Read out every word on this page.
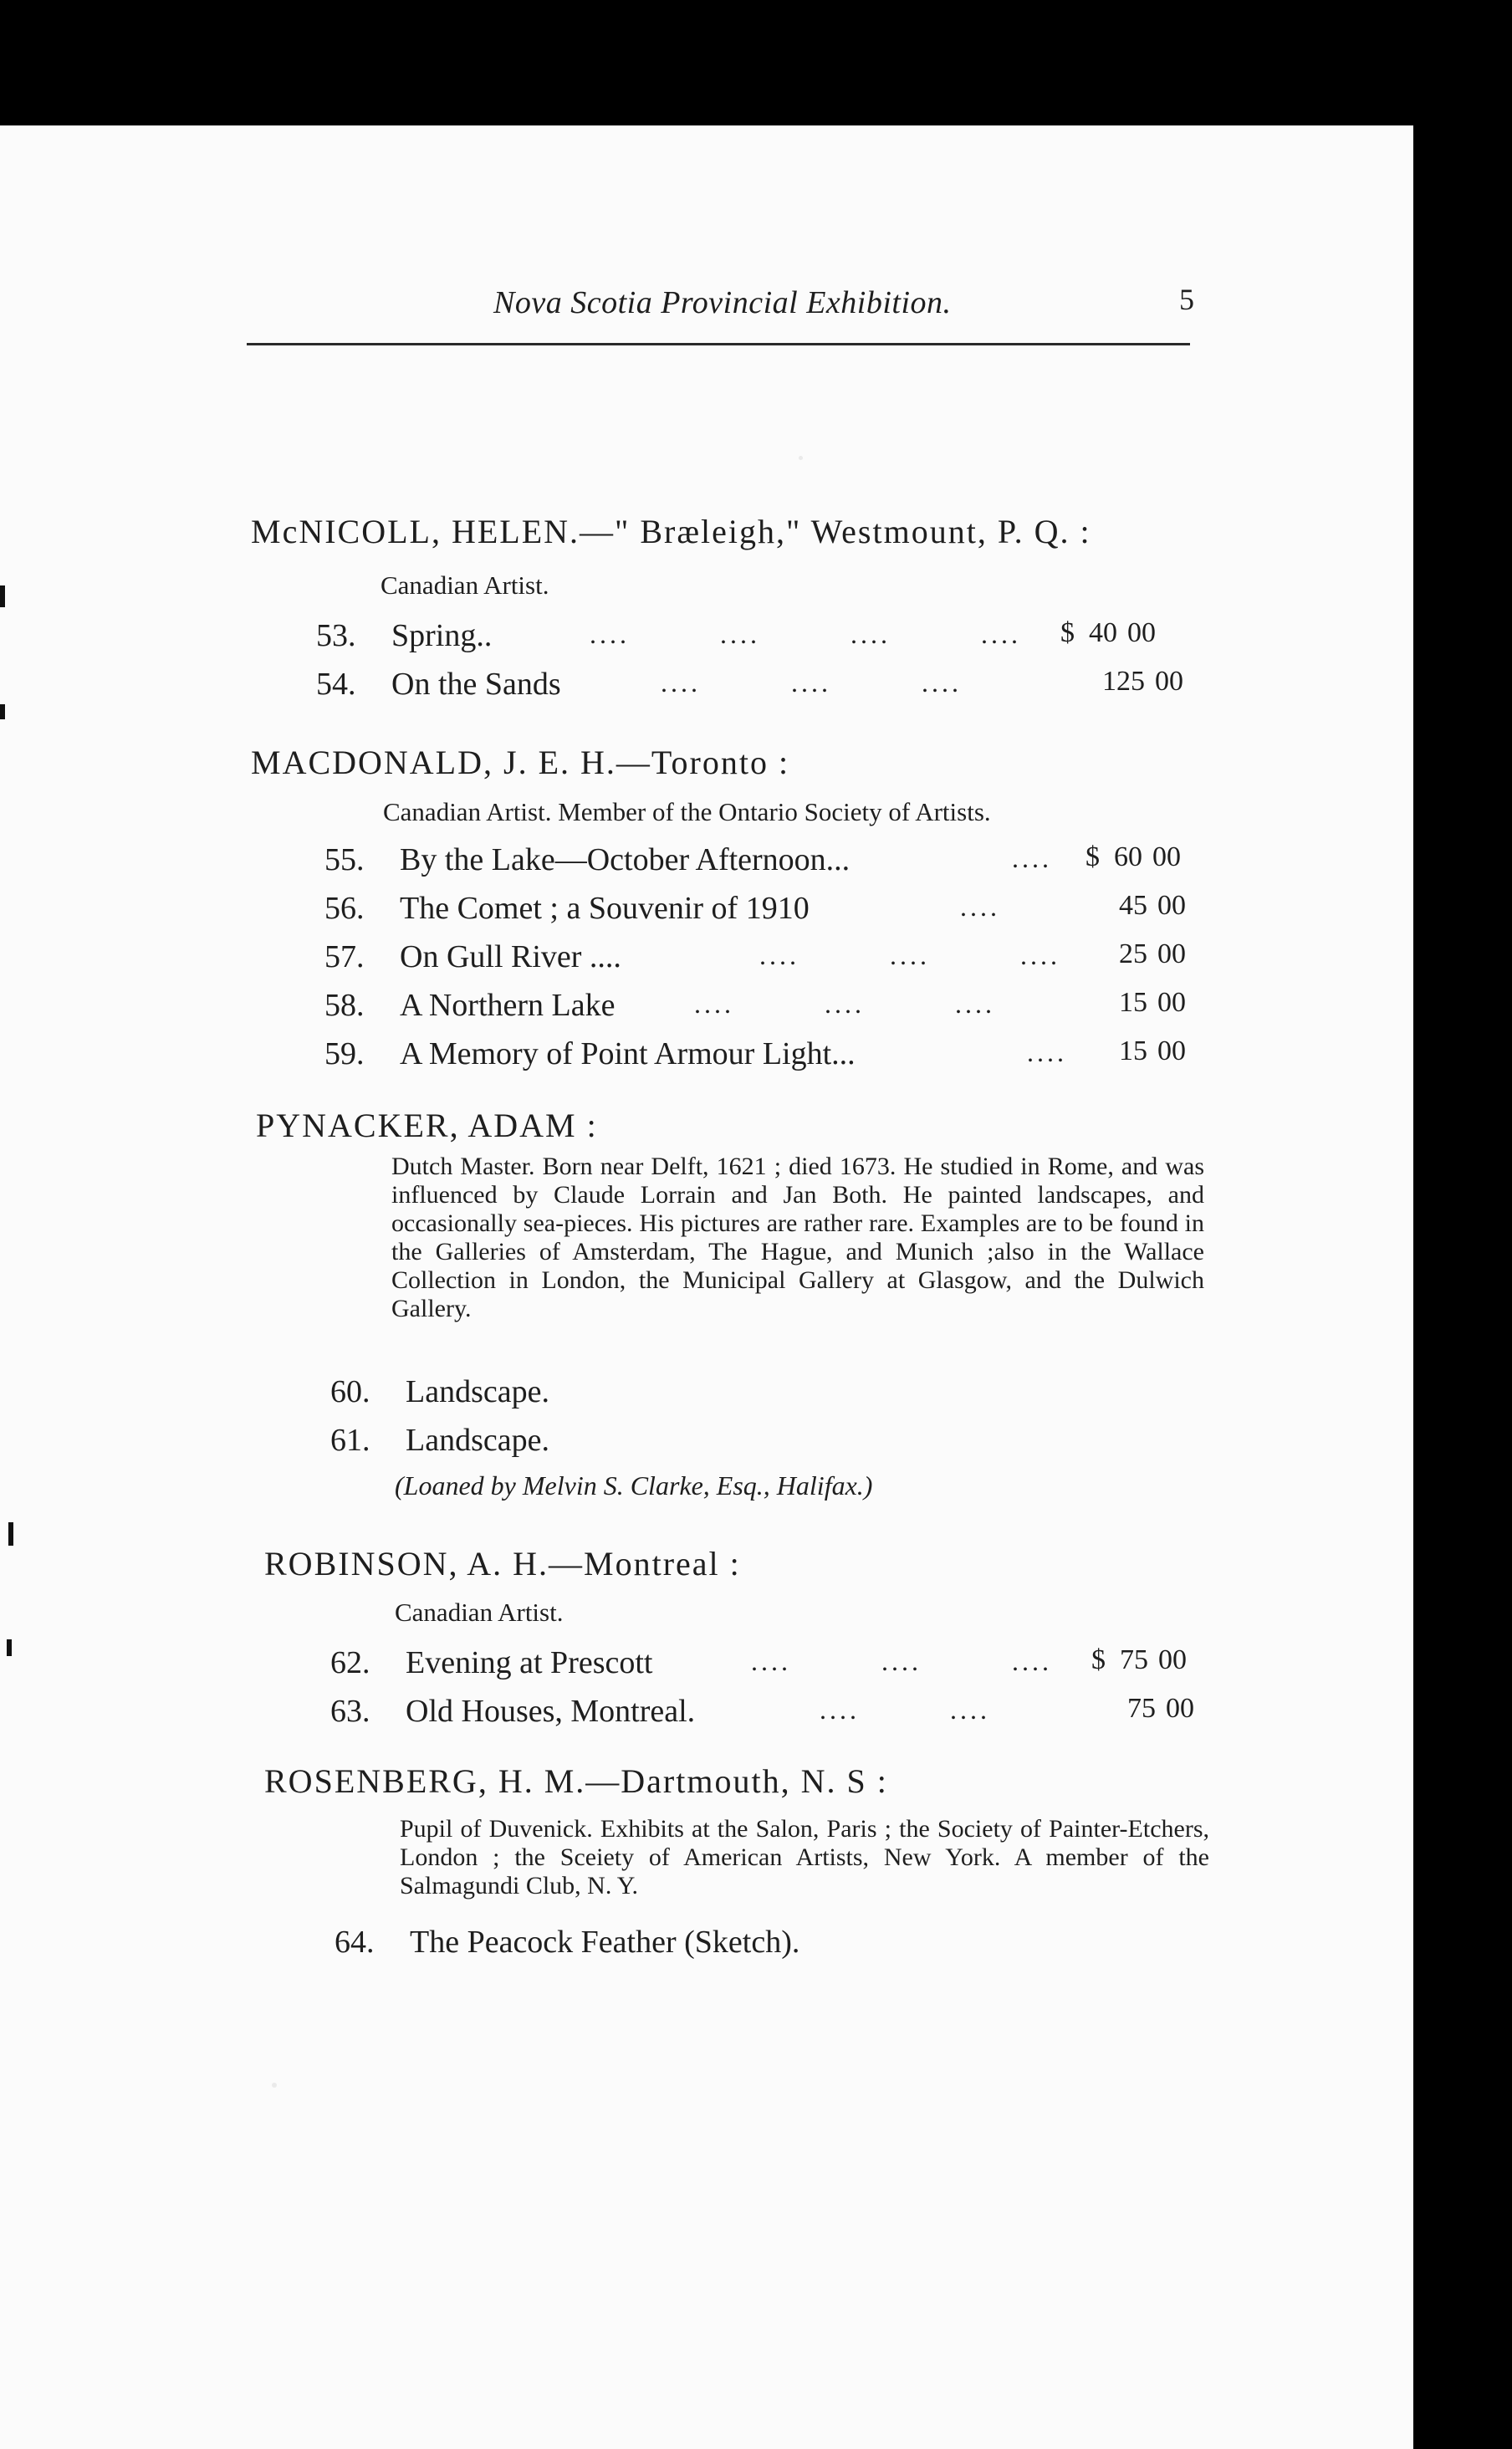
Nova Scotia Provincial Exhibition.	5
McNICOLL, HELEN.—" Bræleigh," Westmount, P. Q. :
Canadian Artist.
53. Spring..	....   	....   	....   	.... $  40 00
54. On the Sands	....   	....   	....	125 00
MACDONALD, J. E. H.—Toronto :
Canadian Artist. Member of the Ontario Society of Artists.
55. By the Lake—October Afternoon...	.... $  60 00
56. The Comet ; a Souvenir of 1910	....	45 00
57. On Gull River ....	....   	....   	.... 25 00
58. A Northern Lake	....   	....   	....	15 00
59. A Memory of Point Armour Light...	.... 15 00
PYNACKER, ADAM :
Dutch Master. Born near Delft, 1621 ; died 1673. He studied in Rome, and was influenced by Claude Lorrain and Jan Both. He painted landscapes, and occasionally sea-pieces. His pictures are rather rare. Examples are to be found in the Galleries of Amsterdam, The Hague, and Munich ;also in the Wallace Collection in London, the Municipal Gallery at Glasgow, and the Dulwich Gallery.
60. Landscape.
61. Landscape.
(Loaned by Melvin S. Clarke, Esq., Halifax.)
ROBINSON, A. H.—Montreal :
Canadian Artist.
62. Evening at Prescott	....   	....   	.... $  75 00
63. Old Houses, Montreal.	....   	....	75 00
ROSENBERG, H. M.—Dartmouth, N. S :
Pupil of Duvenick. Exhibits at the Salon, Paris ; the Society of Painter-Etchers, London ; the Sceiety of American Artists, New York. A member of the Salmagundi Club, N. Y.
64. The Peacock Feather (Sketch).
